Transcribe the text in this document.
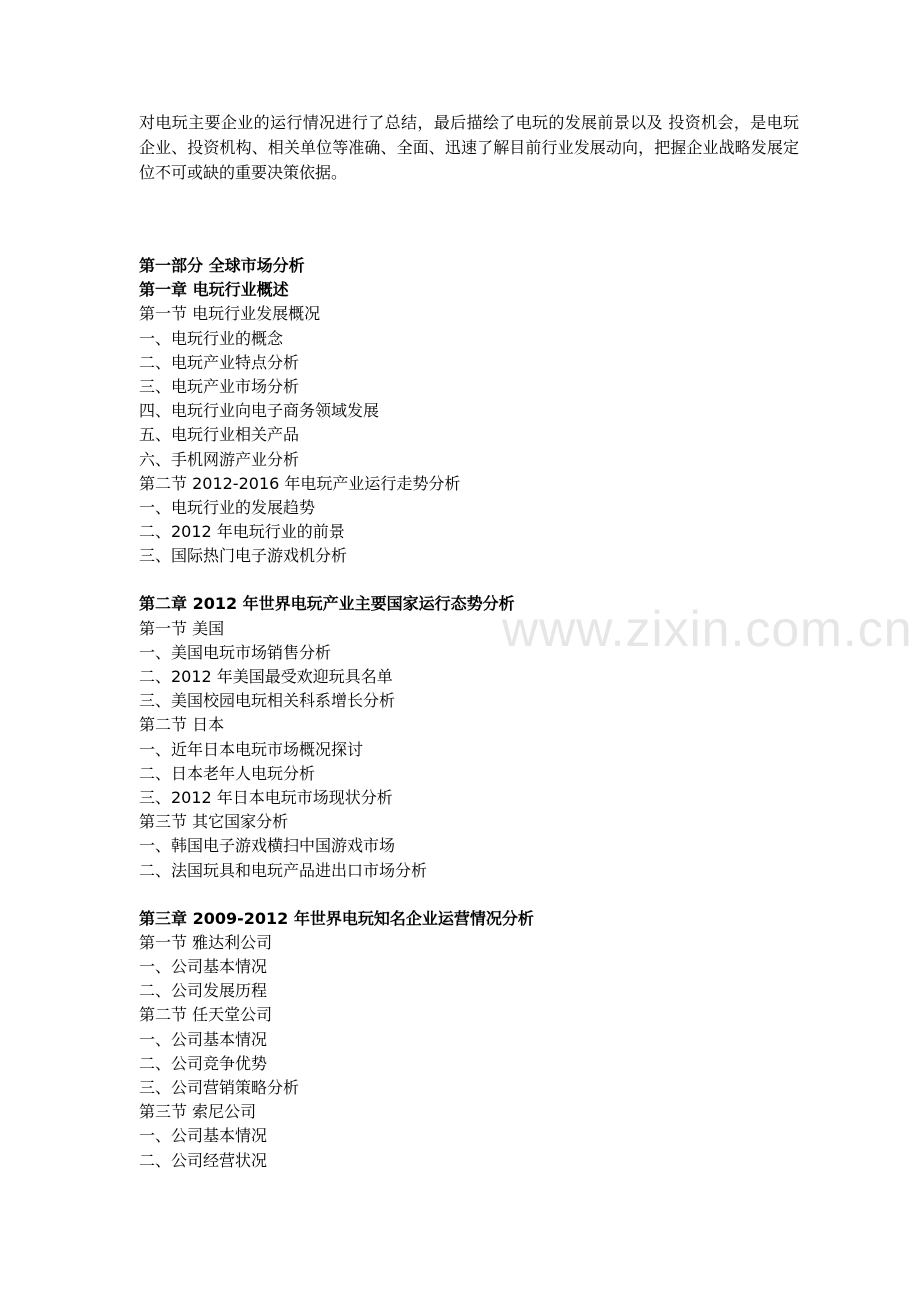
www.zixin.com.cn

对电玩主要企业的运行情况进行了总结，最后描绘了电玩的发展前景以及 投资机会，是电玩企业、投资机构、相关单位等准确、全面、迅速了解目前行业发展动向，把握企业战略发展定位不可或缺的重要决策依据。

第一部分 全球市场分析
第一章 电玩行业概述
第一节 电玩行业发展概况
一、电玩行业的概念
二、电玩产业特点分析
三、电玩产业市场分析
四、电玩行业向电子商务领域发展
五、电玩行业相关产品
六、手机网游产业分析
第二节 2012-2016 年电玩产业运行走势分析
一、电玩行业的发展趋势
二、2012 年电玩行业的前景
三、国际热门电子游戏机分析
第二章 2012 年世界电玩产业主要国家运行态势分析
第一节 美国
一、美国电玩市场销售分析
二、2012 年美国最受欢迎玩具名单
三、美国校园电玩相关科系增长分析
第二节 日本
一、近年日本电玩市场概况探讨
二、日本老年人电玩分析
三、2012 年日本电玩市场现状分析
第三节 其它国家分析
一、韩国电子游戏横扫中国游戏市场
二、法国玩具和电玩产品进出口市场分析
第三章 2009-2012 年世界电玩知名企业运营情况分析
第一节 雅达利公司
一、公司基本情况
二、公司发展历程
第二节 任天堂公司
一、公司基本情况
二、公司竞争优势
三、公司营销策略分析
第三节 索尼公司
一、公司基本情况
二、公司经营状况
